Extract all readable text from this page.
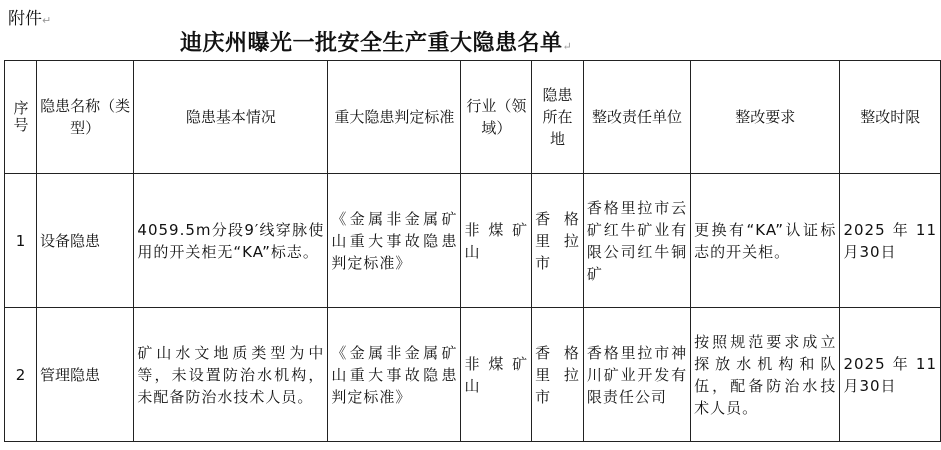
附件↵
迪庆州曝光一批安全生产重大隐患名单↵
序号	隐患名称（类型）	隐患基本情况	重大隐患判定标准	行业（领域）	隐患所在地	整改责任单位	整改要求	整改时限
1	设备隐患	4059.5m分段9′线穿脉使用的开关柜无“KA”标志。	《金属非金属矿山重大事故隐患判定标准》	非煤矿山	香格里拉市	香格里拉市云矿红牛矿业有限公司红牛铜矿	更换有“KA”认证标志的开关柜。	2025年11月30日
2	管理隐患	矿山水文地质类型为中等，未设置防治水机构，未配备防治水技术人员。	《金属非金属矿山重大事故隐患判定标准》	非煤矿山	香格里拉市	香格里拉市神川矿业开发有限责任公司	按照规范要求成立探放水机构和队伍，配备防治水技术人员。	2025年11月30日
